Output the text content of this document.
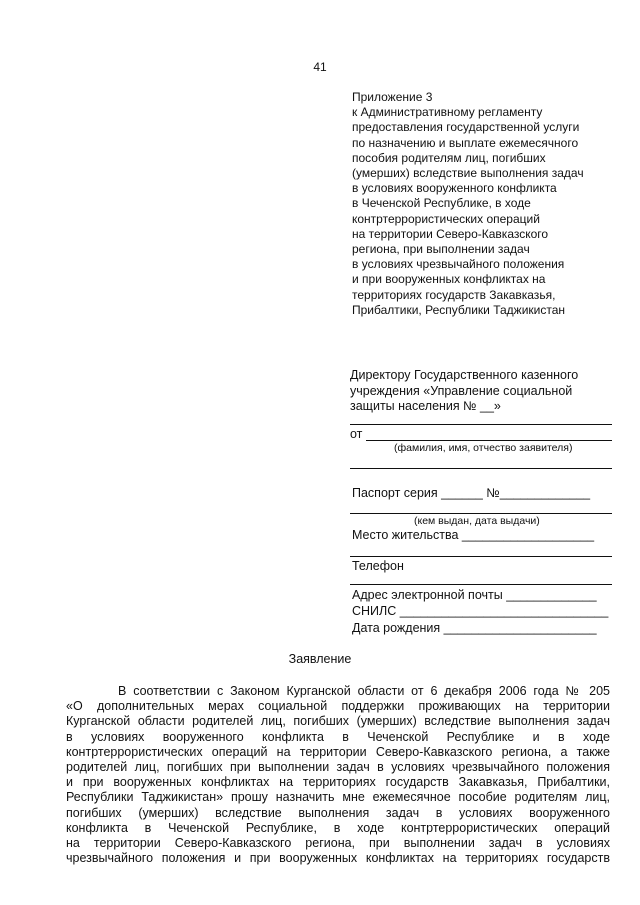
41
Приложение 3
к Административному регламенту
предоставления государственной услуги
по назначению и выплате ежемесячного
пособия родителям лиц, погибших
(умерших) вследствие выполнения задач
в условиях вооруженного конфликта
в Чеченской Республике, в ходе
контртеррористических операций
на территории Северо-Кавказского
региона, при выполнении задач
в условиях чрезвычайного положения
и при вооруженных конфликтах на
территориях государств Закавказья,
Прибалтики, Республики Таджикистан
Директору Государственного казенного
учреждения «Управление социальной
защиты населения № __»
от
(фамилия, имя, отчество заявителя)
Паспорт серия ______ №_____________
(кем выдан, дата выдачи)
Место жительства ___________________
Телефон
Адрес электронной почты _____________
СНИЛС ______________________________
Дата рождения ______________________
Заявление
В соответствии с Законом Курганской области от 6 декабря 2006 года № 205
«О дополнительных мерах социальной поддержки проживающих на территории
Курганской области родителей лиц, погибших (умерших) вследствие выполнения задач
в условиях вооруженного конфликта в Чеченской Республике и в ходе
контртеррористических операций на территории Северо-Кавказского региона, а также
родителей лиц, погибших при выполнении задач в условиях чрезвычайного положения
и при вооруженных конфликтах на территориях государств Закавказья, Прибалтики,
Республики Таджикистан» прошу назначить мне ежемесячное пособие родителям лиц,
погибших (умерших) вследствие выполнения задач в условиях вооруженного
конфликта в Чеченской Республике, в ходе контртеррористических операций
на территории Северо-Кавказского региона, при выполнении задач в условиях
чрезвычайного положения и при вооруженных конфликтах на территориях государств
